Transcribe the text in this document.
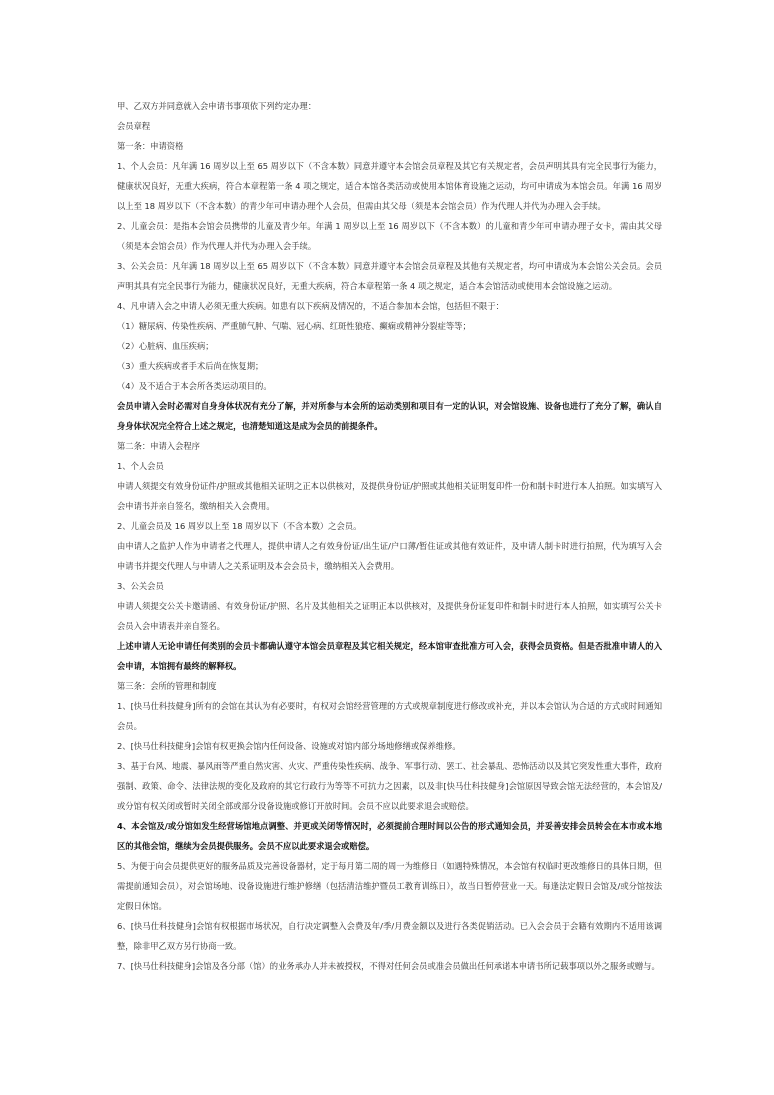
甲、乙双方并同意就入会申请书事项依下列约定办理：

会员章程

第一条：申请资格

1、个人会员：凡年满 16 周岁以上至 65 周岁以下（不含本数）同意并遵守本会馆会员章程及其它有关规定者，会员声明其具有完全民事行为能力，健康状况良好，无重大疾病，符合本章程第一条 4 项之规定，适合本馆各类活动或使用本馆体育设施之运动，均可申请成为本馆会员。年满 16 周岁以上至 18 周岁以下（不含本数）的青少年可申请办理个人会员，但需由其父母（须是本会馆会员）作为代理人并代为办理入会手续。

2、儿童会员：是指本会馆会员携带的儿童及青少年。年满 1 周岁以上至 16 周岁以下（不含本数）的儿童和青少年可申请办理子女卡，需由其父母（须是本会馆会员）作为代理人并代为办理入会手续。

3、公关会员：凡年满 18 周岁以上至 65 周岁以下（不含本数）同意并遵守本会馆会员章程及其他有关规定者，均可申请成为本会馆公关会员。会员声明其具有完全民事行为能力，健康状况良好，无重大疾病，符合本章程第一条 4 项之规定，适合本会馆活动或使用本会馆设施之运动。

4、凡申请入会之申请人必须无重大疾病。如患有以下疾病及情况的，不适合参加本会馆，包括但不限于：

（1）糖尿病、传染性疾病、严重肺气肿、气喘、冠心病、红斑性狼疮、癫痫或精神分裂症等等；

（2）心脏病、血压疾病；

（3）重大疾病或者手术后尚在恢复期；

（4）及不适合于本会所各类运动项目的。

会员申请入会时必需对自身身体状况有充分了解，并对所参与本会所的运动类别和项目有一定的认识，对会馆设施、设备也进行了充分了解，确认自身身体状况完全符合上述之规定，也清楚知道这是成为会员的前提条件。

第二条：申请入会程序

1、个人会员

申请人须提交有效身份证件/护照或其他相关证明之正本以供核对，及提供身份证/护照或其他相关证明复印件一份和制卡时进行本人拍照。如实填写入会申请书并亲自签名，缴纳相关入会费用。

2、儿童会员及 16 周岁以上至 18 周岁以下（不含本数）之会员。

由申请人之监护人作为申请者之代理人，提供申请人之有效身份证/出生证/户口薄/暂住证或其他有效证件，及申请人制卡时进行拍照，代为填写入会申请书并提交代理人与申请人之关系证明及本会会员卡，缴纳相关入会费用。

3、公关会员

申请人须提交公关卡邀请函、有效身份证/护照、名片及其他相关之证明正本以供核对，及提供身份证复印件和制卡时进行本人拍照，如实填写公关卡会员入会申请表并亲自签名。

上述申请人无论申请任何类别的会员卡都确认遵守本馆会员章程及其它相关规定，经本馆审查批准方可入会，获得会员资格。但是否批准申请人的入会申请，本馆拥有最终的解释权。

第三条：会所的管理和制度

1、[快马仕科技健身]所有的会馆在其认为有必要时，有权对会馆经营管理的方式或规章制度进行修改或补充，并以本会馆认为合适的方式或时间通知会员。

2、[快马仕科技健身]会馆有权更换会馆内任何设备、设施或对馆内部分场地修缮或保养维修。

3、基于台风、地震、暴风雨等严重自然灾害、火灾、严重传染性疾病、战争、军事行动、罢工、社会暴乱、恐怖活动以及其它突发性重大事件，政府强制、政策、命令、法律法规的变化及政府的其它行政行为等等不可抗力之因素，以及非[快马仕科技健身]会馆原因导致会馆无法经营的，本会馆及/或分馆有权关闭或暂时关闭全部或部分设备设施或修订开放时间。会员不应以此要求退会或赔偿。

4、本会馆及/或分馆如发生经营场馆地点调整、并更或关闭等情况时，必须提前合理时间以公告的形式通知会员，并妥善安排会员转会在本市或本地区的其他会馆，继续为会员提供服务。会员不应以此要求退会或赔偿。

5、为便于向会员提供更好的服务品质及完善设备器材，定于每月第二周的周一为维修日（如遇特殊情况，本会馆有权临时更改维修日的具体日期，但需提前通知会员），对会馆场地、设备设施进行维护修缮（包括清洁维护暨员工教育训练日），故当日暂停营业一天。每逢法定假日会馆及/或分馆按法定假日休馆。

6、[快马仕科技健身]会馆有权根据市场状况，自行决定调整入会费及年/季/月费金额以及进行各类促销活动。已入会会员于会籍有效期内不适用该调整，除非甲乙双方另行协商一致。

7、[快马仕科技健身]会馆及各分部（馆）的业务承办人并未被授权，不得对任何会员或准会员做出任何承诺本申请书所记载事项以外之服务或赠与。
